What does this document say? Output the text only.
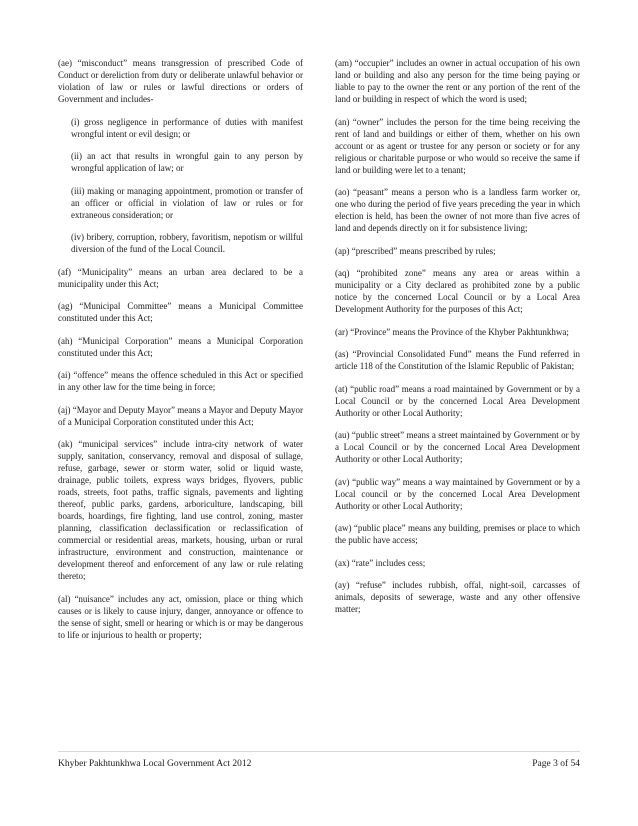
(ae) “misconduct” means transgression of prescribed Code of Conduct or dereliction from duty or deliberate unlawful behavior or violation of law or rules or lawful directions or orders of Government and includes-

(i) gross negligence in performance of duties with manifest wrongful intent or evil design; or

(ii) an act that results in wrongful gain to any person by wrongful application of law; or

(iii) making or managing appointment, promotion or transfer of an officer or official in violation of law or rules or for extraneous consideration; or

(iv) bribery, corruption, robbery, favoritism, nepotism or willful diversion of the fund of the Local Council.

(af) “Municipality” means an urban area declared to be a municipality under this Act;

(ag) “Municipal Committee” means a Municipal Committee constituted under this Act;

(ah) “Municipal Corporation” means a Municipal Corporation constituted under this Act;

(ai) “offence” means the offence scheduled in this Act or specified in any other law for the time being in force;

(aj) “Mayor and Deputy Mayor” means a Mayor and Deputy Mayor of a Municipal Corporation constituted under this Act;

(ak) “municipal services” include intra-city network of water supply, sanitation, conservancy, removal and disposal of sullage, refuse, garbage, sewer or storm water, solid or liquid waste, drainage, public toilets, express ways bridges, flyovers, public roads, streets, foot paths, traffic signals, pavements and lighting thereof, public parks, gardens, arboriculture, landscaping, bill boards, hoardings, fire fighting, land use control, zoning, master planning, classification declassification or reclassification of commercial or residential areas, markets, housing, urban or rural infrastructure, environment and construction, maintenance or development thereof and enforcement of any law or rule relating thereto;

(al) “nuisance” includes any act, omission, place or thing which causes or is likely to cause injury, danger, annoyance or offence to the sense of sight, smell or hearing or which is or may be dangerous to life or injurious to health or property;

(am) “occupier” includes an owner in actual occupation of his own land or building and also any person for the time being paying or liable to pay to the owner the rent or any portion of the rent of the land or building in respect of which the word is used;

(an) “owner” includes the person for the time being receiving the rent of land and buildings or either of them, whether on his own account or as agent or trustee for any person or society or for any religious or charitable purpose or who would so receive the same if land or building were let to a tenant;

(ao) “peasant” means a person who is a landless farm worker or, one who during the period of five years preceding the year in which election is held, has been the owner of not more than five acres of land and depends directly on it for subsistence living;

(ap) “prescribed” means prescribed by rules;

(aq) “prohibited zone” means any area or areas within a municipality or a City declared as prohibited zone by a public notice by the concerned Local Council or by a Local Area Development Authority for the purposes of this Act;

(ar) “Province” means the Province of the Khyber Pakhtunkhwa;

(as) “Provincial Consolidated Fund” means the Fund referred in article 118 of the Constitution of the Islamic Republic of Pakistan;

(at) “public road” means a road maintained by Government or by a Local Council or by the concerned Local Area Development Authority or other Local Authority;

(au) “public street” means a street maintained by Government or by a Local Council or by the concerned Local Area Development Authority or other Local Authority;

(av) “public way” means a way maintained by Government or by a Local council or by the concerned Local Area Development Authority or other Local Authority;

(aw) “public place” means any building, premises or place to which the public have access;

(ax) “rate” includes cess;

(ay) “refuse” includes rubbish, offal, night-soil, carcasses of animals, deposits of sewerage, waste and any other offensive matter;

Khyber Pakhtunkhwa Local Government Act 2012	Page 3 of 54
